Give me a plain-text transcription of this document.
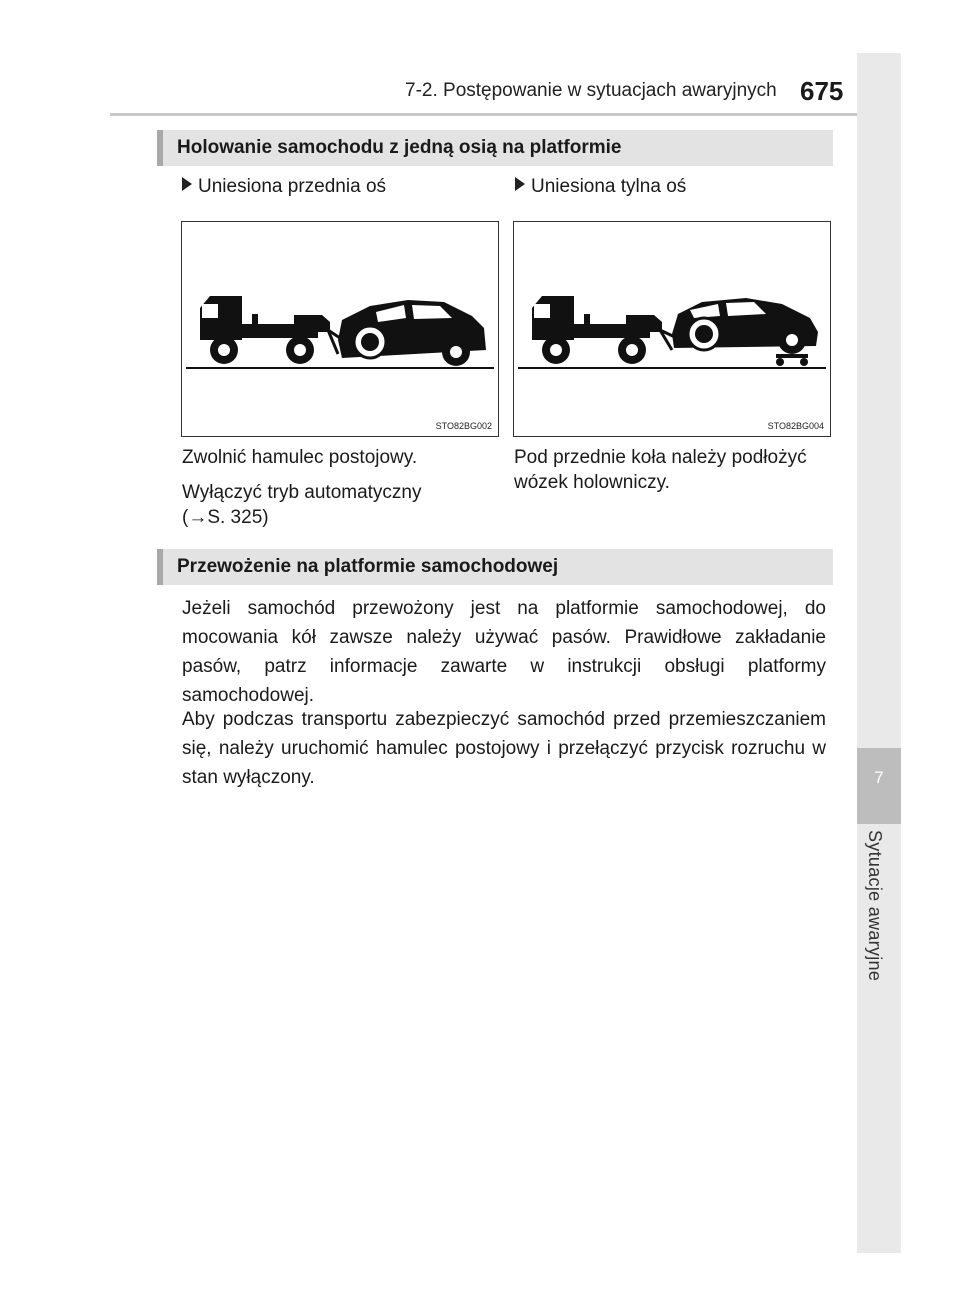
7-2. Postępowanie w sytuacjach awaryjnych 675
7
Sytuacje awaryjne
Holowanie samochodu z jedną osią na platformie
Uniesiona przednia oś	Uniesiona tylna oś
STO82BG002	STO82BG004
Zwolnić hamulec postojowy.
Wyłączyć tryb automatyczny
(→S. 325)
Pod przednie koła należy podłożyć
wózek holowniczy.
Przewożenie na platformie samochodowej

Jeżeli samochód przewożony jest na platformie samochodowej, do mocowania kół zawsze należy używać pasów. Prawidłowe zakładanie pasów, patrz informacje zawarte w instrukcji obsługi platformy samochodowej.

Aby podczas transportu zabezpieczyć samochód przed przemieszczaniem się, należy uruchomić hamulec postojowy i przełączyć przycisk rozruchu w stan wyłączony.
